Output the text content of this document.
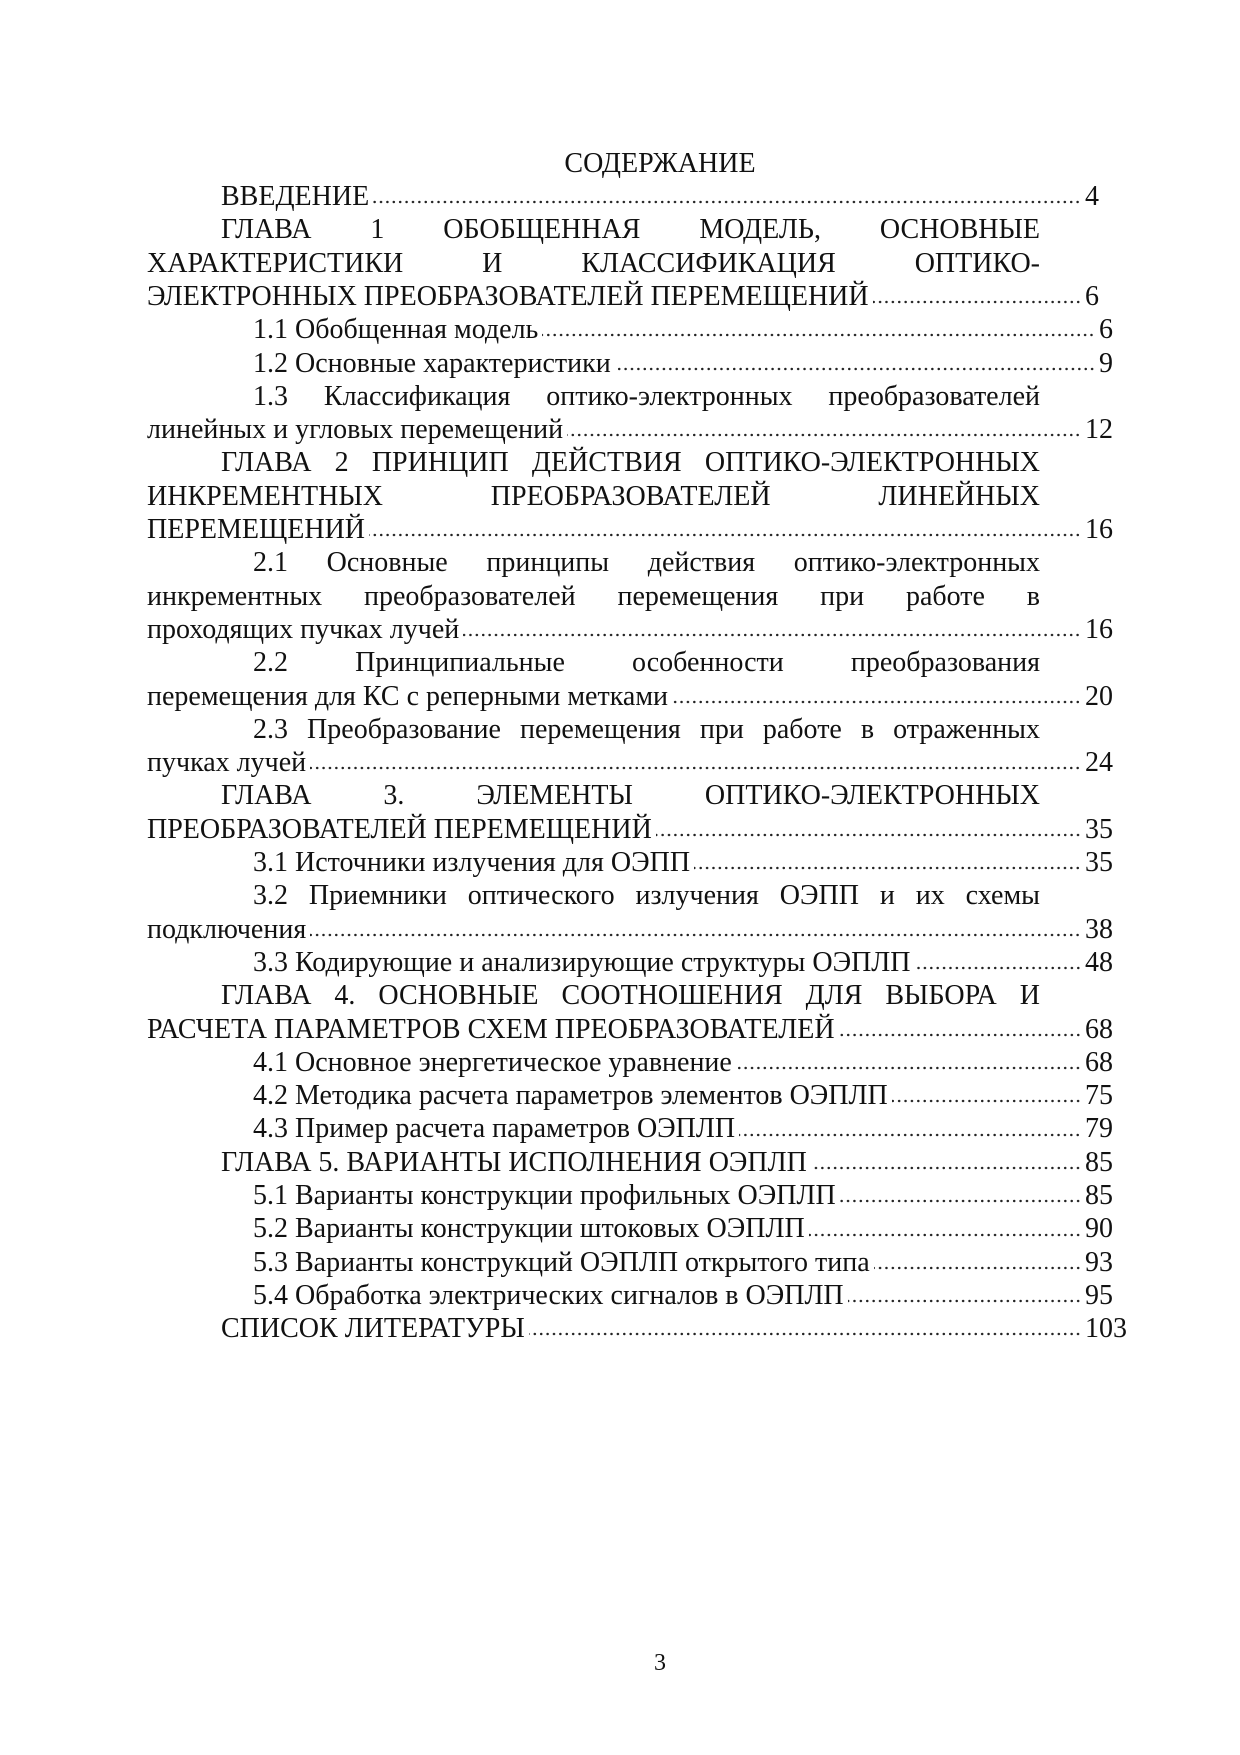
СОДЕРЖАНИЕ
ВВЕДЕНИЕ	4
ГЛАВА 1 ОБОБЩЕННАЯ МОДЕЛЬ, ОСНОВНЫЕ
ХАРАКТЕРИСТИКИ И КЛАССИФИКАЦИЯ ОПТИКО-
ЭЛЕКТРОННЫХ ПРЕОБРАЗОВАТЕЛЕЙ ПЕРЕМЕЩЕНИЙ	6
1.1 Обобщенная модель	6
1.2 Основные характеристики	9
1.3 Классификация оптико-электронных преобразователей
линейных и угловых перемещений	12
ГЛАВА 2 ПРИНЦИП ДЕЙСТВИЯ ОПТИКО-ЭЛЕКТРОННЫХ
ИНКРЕМЕНТНЫХ ПРЕОБРАЗОВАТЕЛЕЙ ЛИНЕЙНЫХ
ПЕРЕМЕЩЕНИЙ	16
2.1 Основные принципы действия оптико-электронных
инкрементных преобразователей перемещения при работе в
проходящих пучках лучей	16
2.2 Принципиальные особенности преобразования
перемещения для КС с реперными метками	20
2.3 Преобразование перемещения при работе в отраженных
пучках лучей	24
ГЛАВА 3. ЭЛЕМЕНТЫ ОПТИКО-ЭЛЕКТРОННЫХ
ПРЕОБРАЗОВАТЕЛЕЙ ПЕРЕМЕЩЕНИЙ	35
3.1 Источники излучения для ОЭПП	35
3.2 Приемники оптического излучения ОЭПП и их схемы
подключения	38
3.3 Кодирующие и анализирующие структуры ОЭПЛП	48
ГЛАВА 4. ОСНОВНЫЕ СООТНОШЕНИЯ ДЛЯ ВЫБОРА И
РАСЧЕТА ПАРАМЕТРОВ СХЕМ ПРЕОБРАЗОВАТЕЛЕЙ	68
4.1 Основное энергетическое уравнение	68
4.2 Методика расчета параметров элементов ОЭПЛП	75
4.3 Пример расчета параметров ОЭПЛП	79
ГЛАВА 5. ВАРИАНТЫ ИСПОЛНЕНИЯ ОЭПЛП	85
5.1 Варианты конструкции профильных ОЭПЛП	85
5.2 Варианты конструкции штоковых ОЭПЛП	90
5.3 Варианты конструкций ОЭПЛП открытого типа	93
5.4 Обработка электрических сигналов в ОЭПЛП	95
СПИСОК ЛИТЕРАТУРЫ	103
3
